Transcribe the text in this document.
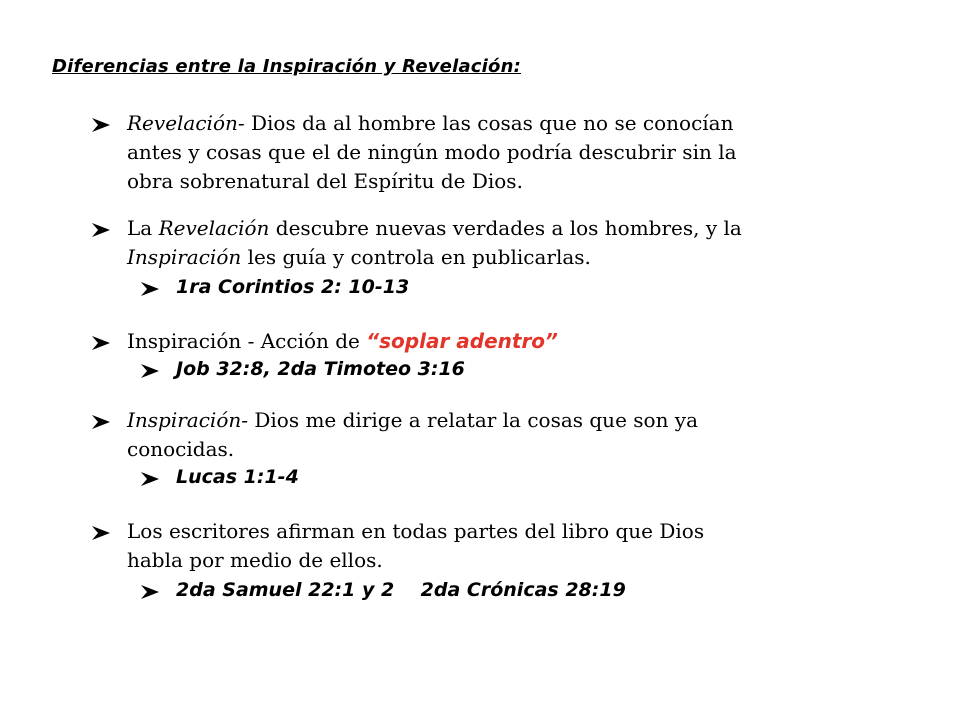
Diferencias entre la Inspiración y Revelación:
Revelación- Dios da al hombre las cosas que no se conocían
antes y cosas que el de ningún modo podría descubrir sin la
obra sobrenatural del Espíritu de Dios.
La Revelación descubre nuevas verdades a los hombres, y la
Inspiración les guía y controla en publicarlas.
1ra Corintios 2: 10-13
Inspiración - Acción de “soplar adentro”
Job 32:8, 2da Timoteo 3:16
Inspiración- Dios me dirige a relatar la cosas que son ya
conocidas.
Lucas 1:1-4
Los escritores afirman en todas partes del libro que Dios
habla por medio de ellos.
2da Samuel 22:1 y 2    2da Crónicas 28:19
